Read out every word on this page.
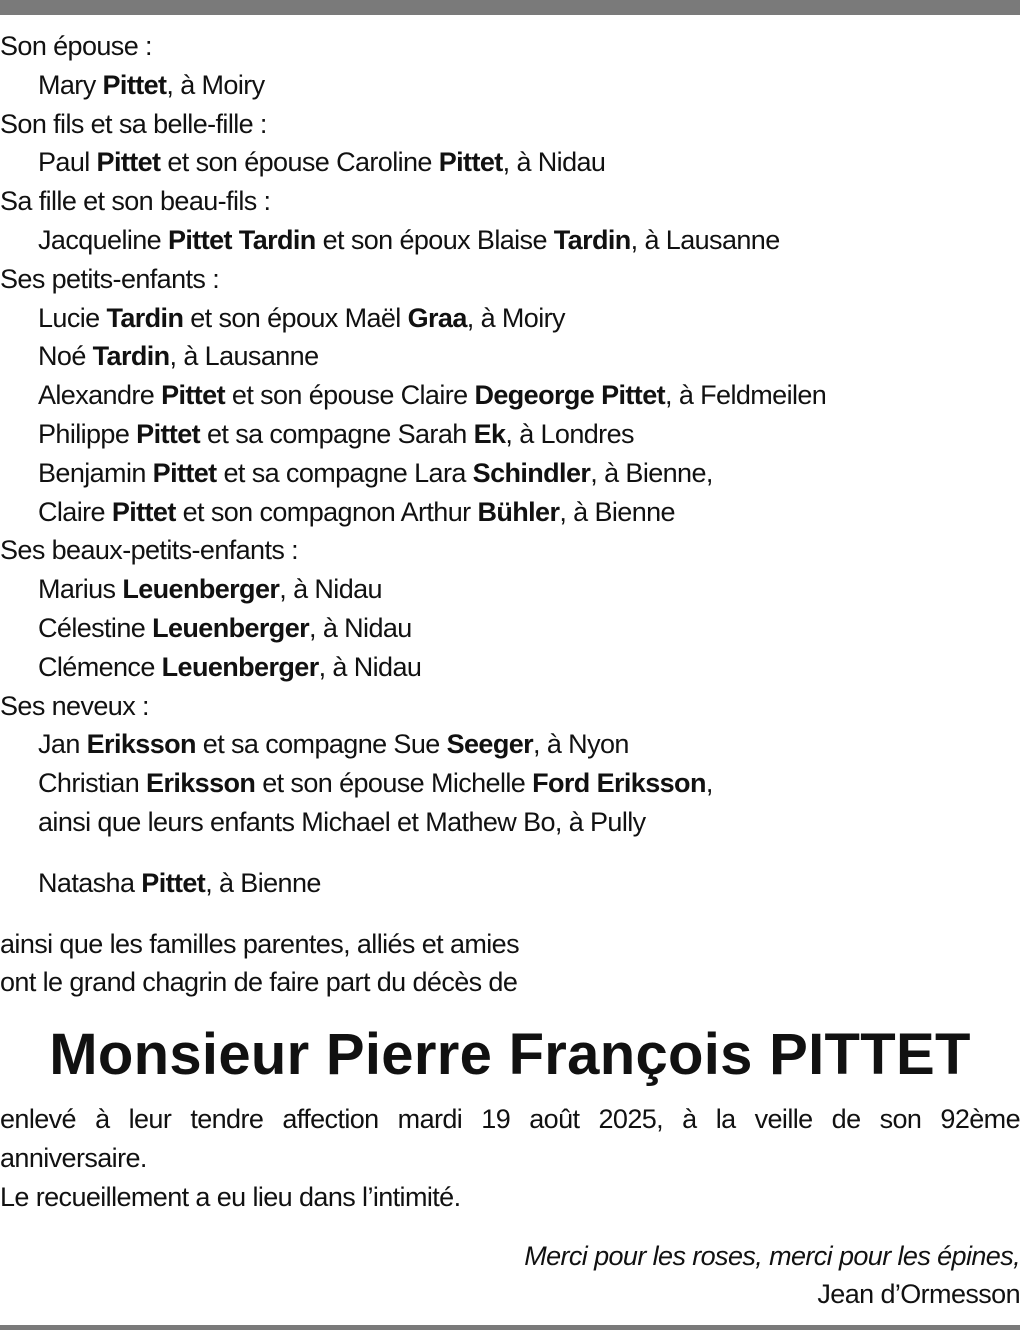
Son épouse :
Mary Pittet, à Moiry
Son fils et sa belle-fille :
Paul Pittet et son épouse Caroline Pittet, à Nidau
Sa fille et son beau-fils :
Jacqueline Pittet Tardin et son époux Blaise Tardin, à Lausanne
Ses petits-enfants :
Lucie Tardin et son époux Maël Graa, à Moiry
Noé Tardin, à Lausanne
Alexandre Pittet et son épouse Claire Degeorge Pittet, à Feldmeilen
Philippe Pittet et sa compagne Sarah Ek, à Londres
Benjamin Pittet et sa compagne Lara Schindler, à Bienne,
Claire Pittet et son compagnon Arthur Bühler, à Bienne
Ses beaux-petits-enfants :
Marius Leuenberger, à Nidau
Célestine Leuenberger, à Nidau
Clémence Leuenberger, à Nidau
Ses neveux :
Jan Eriksson et sa compagne Sue Seeger, à Nyon
Christian Eriksson et son épouse Michelle Ford Eriksson,
ainsi que leurs enfants Michael et Mathew Bo, à Pully
Natasha Pittet, à Bienne
ainsi que les familles parentes, alliés et amies
ont le grand chagrin de faire part du décès de
Monsieur Pierre François PITTET
enlevé à leur tendre affection mardi 19 août 2025, à la veille de son 92ème
anniversaire.
Le recueillement a eu lieu dans l’intimité.
Merci pour les roses, merci pour les épines,
Jean d’Ormesson
